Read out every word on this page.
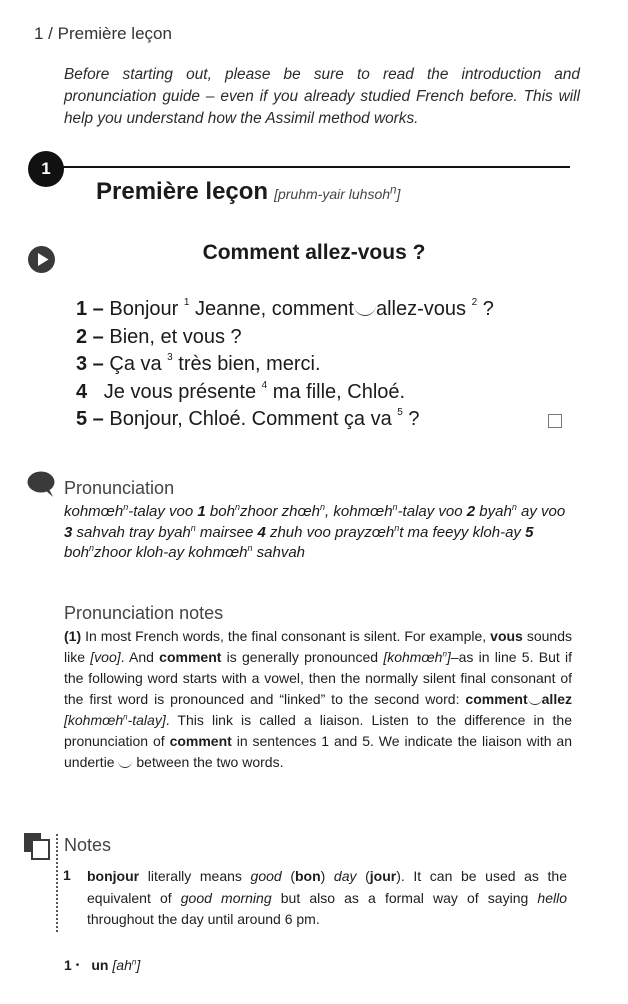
1 / Première leçon
Before starting out, please be sure to read the introduction and pronunciation guide – even if you already studied French before. This will help you understand how the Assimil method works.
1
Première leçon [pruhm-yair luhsoh$^n$]
Comment allez-vous ?
1 – Bonjour $^1$ Jeanne, comment allez-vous $^2$ ?
2 – Bien, et vous ?
3 – Ça va $^3$ très bien, merci.
4   Je vous présente $^4$ ma fille, Chloé.
5 – Bonjour, Chloé. Comment ça va $^5$ ?
Pronunciation
kohmœh$^n$-talay voo 1 boh$^n$zhoor zhœh$^n$, kohmœh$^n$-talay voo 2 byah$^n$ ay voo 3 sahvah tray byah$^n$ mairsee 4 zhuh voo prayzœh$^n$t ma feeyy kloh-ay 5 boh$^n$zhoor kloh-ay kohmœh$^n$ sahvah
Pronunciation notes
(1) In most French words, the final consonant is silent. For example, vous sounds like [voo]. And comment is generally pronounced [kohmœh$^n$]–as in line 5. But if the following word starts with a vowel, then the normally silent final consonant of the first word is pronounced and “linked” to the second word: comment allez [kohmœh$^n$-talay]. This link is called a liaison. Listen to the difference in the pronunciation of comment in sentences 1 and 5. We indicate the liaison with an undertie  between the two words.
Notes
1 bonjour literally means good (bon) day (jour). It can be used as the equivalent of good morning but also as a formal way of saying hello throughout the day until around 6 pm.
1 • un $[ah^n]$
